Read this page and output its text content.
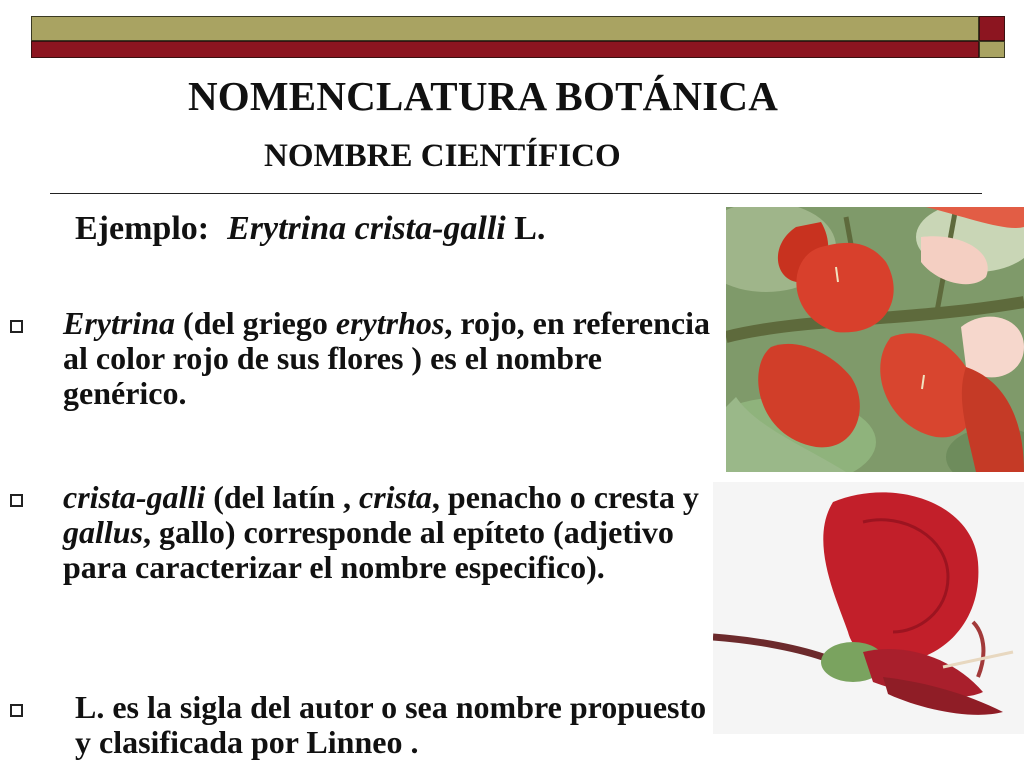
NOMENCLATURA BOTÁNICA
NOMBRE CIENTÍFICO
Ejemplo: Erytrina crista-galli L.
Erytrina (del griego erytrhos, rojo, en referencia al color rojo de sus flores ) es el nombre genérico.
crista-galli (del latín , crista, penacho o cresta y gallus, gallo) corresponde al epíteto (adjetivo para caracterizar el nombre especifico).
L. es la sigla del autor o sea nombre propuesto y clasificada por Linneo .
